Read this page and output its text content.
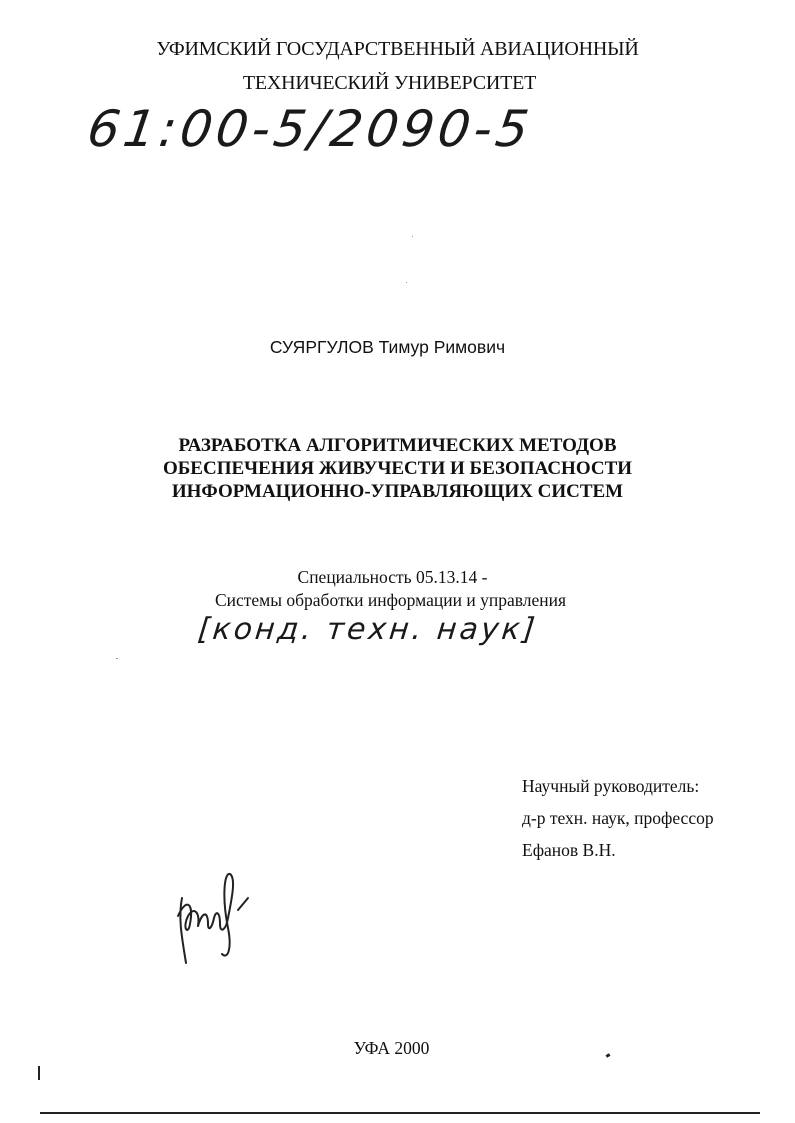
УФИМСКИЙ ГОСУДАРСТВЕННЫЙ АВИАЦИОННЫЙ
ТЕХНИЧЕСКИЙ УНИВЕРСИТЕТ
61:00-5/2090-5
СУЯРГУЛОВ Тимур Римович
РАЗРАБОТКА АЛГОРИТМИЧЕСКИХ МЕТОДОВ
ОБЕСПЕЧЕНИЯ ЖИВУЧЕСТИ И БЕЗОПАСНОСТИ
ИНФОРМАЦИОННО-УПРАВЛЯЮЩИХ СИСТЕМ
Специальность 05.13.14 -
Системы обработки информации и управления
[конд. техн. наук]
Научный руководитель:
д-р техн. наук, профессор
Ефанов В.Н.
УФА 2000
